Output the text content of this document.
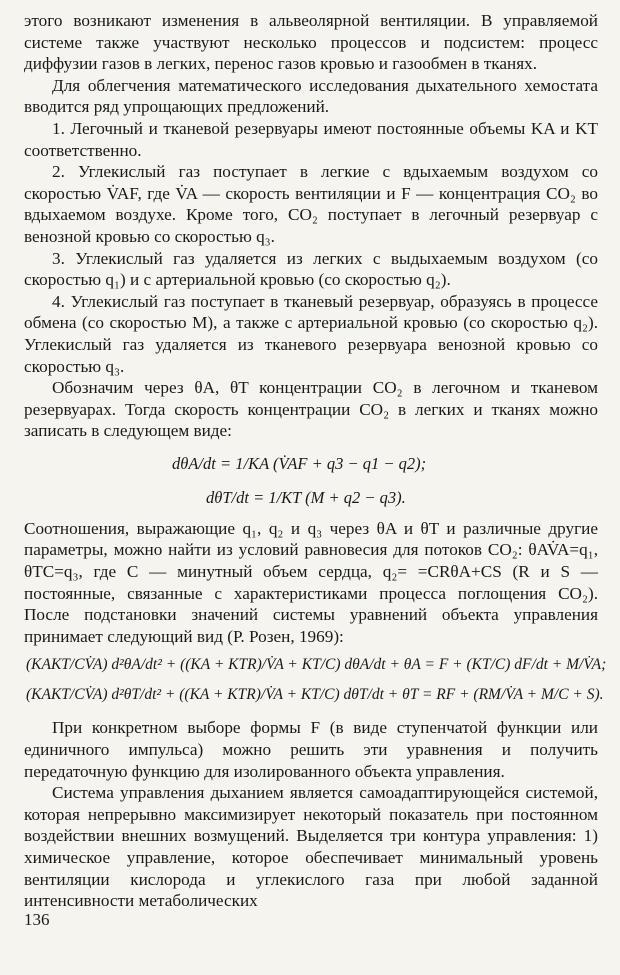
этого возникают изменения в альвеолярной вентиляции. В управляемой системе также участвуют несколько процессов и подсистем: процесс диффузии газов в легких, перенос газов кровью и газообмен в тканях.

Для облегчения математического исследования дыхательного хемостата вводится ряд упрощающих предложений.

1. Легочный и тканевой резервуары имеют постоянные объемы KA и KT соответственно.

2. Углекислый газ поступает в легкие с вдыхаемым воздухом со скоростью V̇AF, где V̇A — скорость вентиляции и F — концентрация CO₂ во вдыхаемом воздухе. Кроме того, CO₂ поступает в легочный резервуар с венозной кровью со скоростью q₃.

3. Углекислый газ удаляется из легких с выдыхаемым воздухом (со скоростью q₁) и с артериальной кровью (со скоростью q₂).

4. Углекислый газ поступает в тканевый резервуар, образуясь в процессе обмена (со скоростью M), а также с артериальной кровью (со скоростью q₂). Углекислый газ удаляется из тканевого резервуара венозной кровью со скоростью q₃.

Обозначим через θA, θT концентрации CO₂ в легочном и тканевом резервуарах. Тогда скорость концентрации CO₂ в легких и тканях можно записать в следующем виде:

dθA/dt = 1/KA (V̇AF + q3 − q1 − q2);

dθT/dt = 1/KT (M + q2 − q3).

Соотношения, выражающие q₁, q₂ и q₃ через θA и θT и различные другие параметры, можно найти из условий равновесия для потоков CO₂: θAV̇A=q₁, θTC=q₃, где C — минутный объем сердца, q₂= =CRθA+CS (R и S — постоянные, связанные с характеристиками процесса поглощения CO₂). После подстановки значений системы уравнений объекта управления принимает следующий вид (Р. Розен, 1969):

(KAKT/CV̇A) d²θA/dt² + ((KA + KTR)/V̇A + KT/C) dθA/dt + θA = F + (KT/C) dF/dt + M/V̇A;

(KAKT/CV̇A) d²θT/dt² + ((KA + KTR)/V̇A + KT/C) dθT/dt + θT = RF + (RM/V̇A + M/C + S).

При конкретном выборе формы F (в виде ступенчатой функции или единичного импульса) можно решить эти уравнения и получить передаточную функцию для изолированного объекта управления.

Система управления дыханием является самоадаптирующейся системой, которая непрерывно максимизирует некоторый показатель при постоянном воздействии внешних возмущений. Выделяется три контура управления: 1) химическое управление, которое обеспечивает минимальный уровень вентиляции кислорода и углекислого газа при любой заданной интенсивности метаболических

136
